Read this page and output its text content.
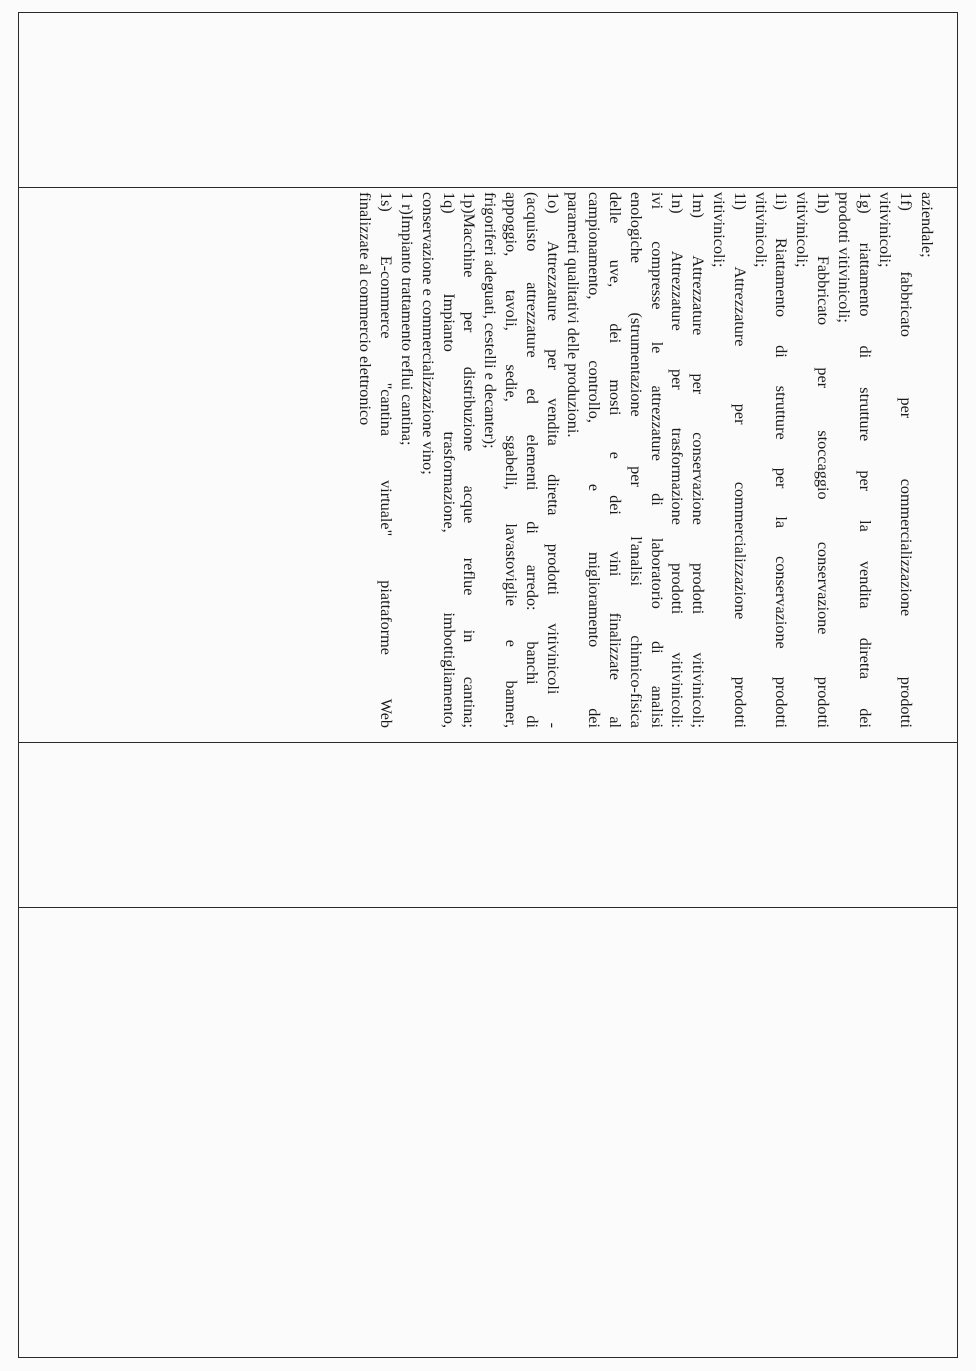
aziendale;
1f) fabbricato per commercializzazione prodotti
vitivinicoli;
1g) riattamento di strutture per la vendita diretta dei
prodotti vitivinicoli;
1h) Fabbricato per stoccaggio conservazione prodotti
vitivinicoli;
1i) Riattamento di strutture per la conservazione prodotti
vitivinicoli;
1l) Attrezzature per commercializzazione prodotti
vitivinicoli;
1m) Attrezzature per conservazione prodotti vitivinicoli;
1n) Attrezzature per trasformazione prodotti vitivinicoli:
ivi compresse le attrezzature di laboratorio di analisi
enologiche (strumentazione per l'analisi chimico-fisica
delle uve, dei mosti e dei vini finalizzate al
campionamento, controllo, e miglioramento dei
parametri qualitativi delle produzioni.
1o) Attrezzature per vendita diretta prodotti vitivinicoli -
(acquisto attrezzature ed elementi di arredo: banchi di
appoggio, tavoli, sedie, sgabelli, lavastoviglie e banner,
frigoriferi adeguati, cestelli e decanter);
1p)Macchine per distribuzione acque reflue in cantina;
1q) Impianto trasformazione, imbottigliamento,
conservazione e commercializzazione vino;
1 r)Impianto trattamento reflui cantina;
1s) E-commerce "cantina virtuale" piattaforme Web
finalizzate al commercio elettronico
